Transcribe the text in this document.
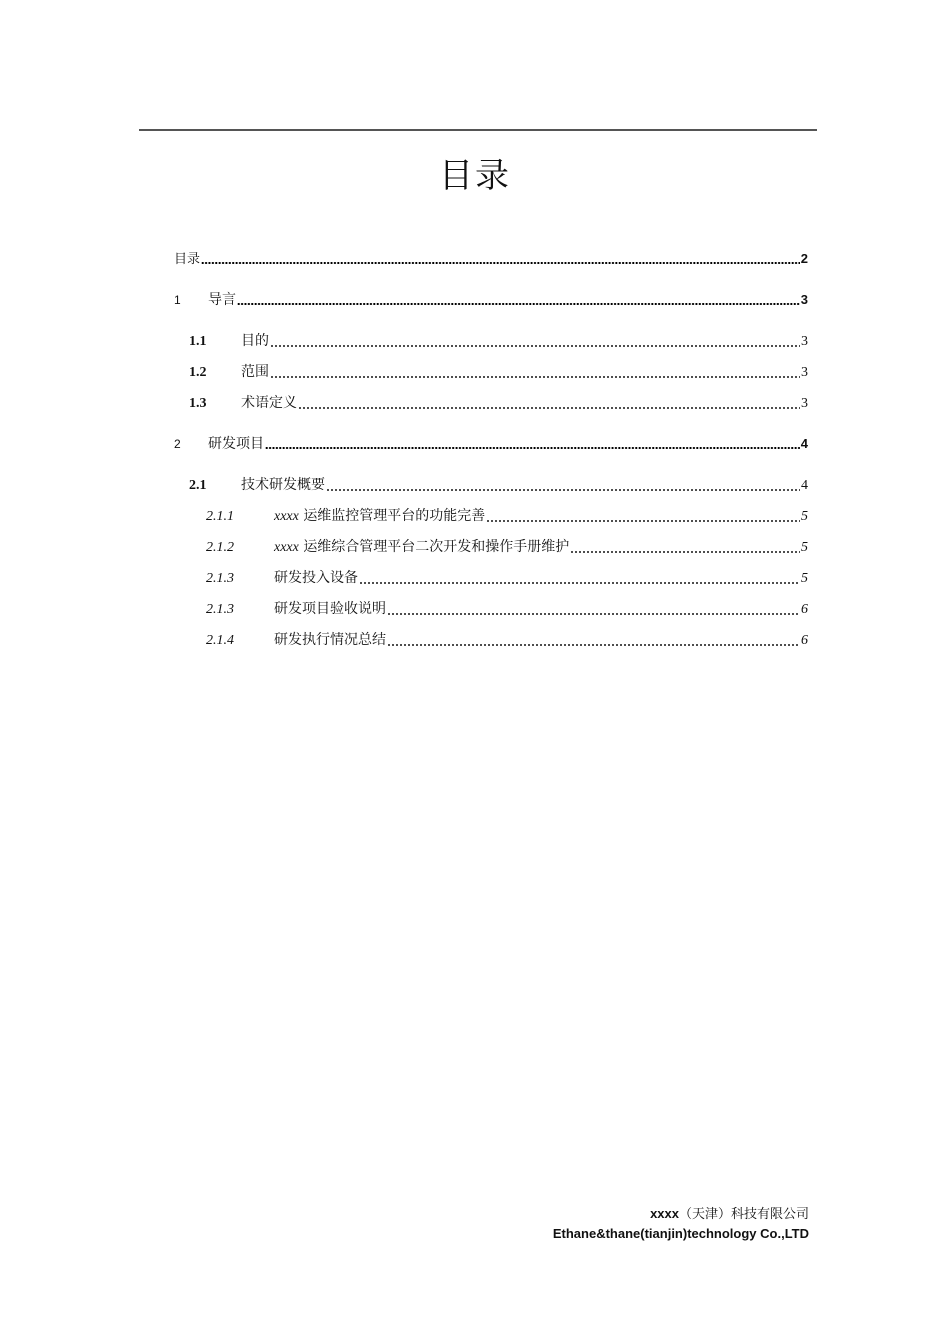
目录
目录	2
1	导言	3
1.1	目的	3
1.2	范围	3
1.3	术语定义	3
2	研发项目	4
2.1	技术研发概要	4
2.1.1	xxxx 运维监控管理平台的功能完善	5
2.1.2	xxxx 运维综合管理平台二次开发和操作手册维护	5
2.1.3	研发投入设备	5
2.1.3	研发项目验收说明	6
2.1.4	研发执行情况总结	6
xxxx（天津）科技有限公司
Ethane&thane(tianjin)technology Co.,LTD
